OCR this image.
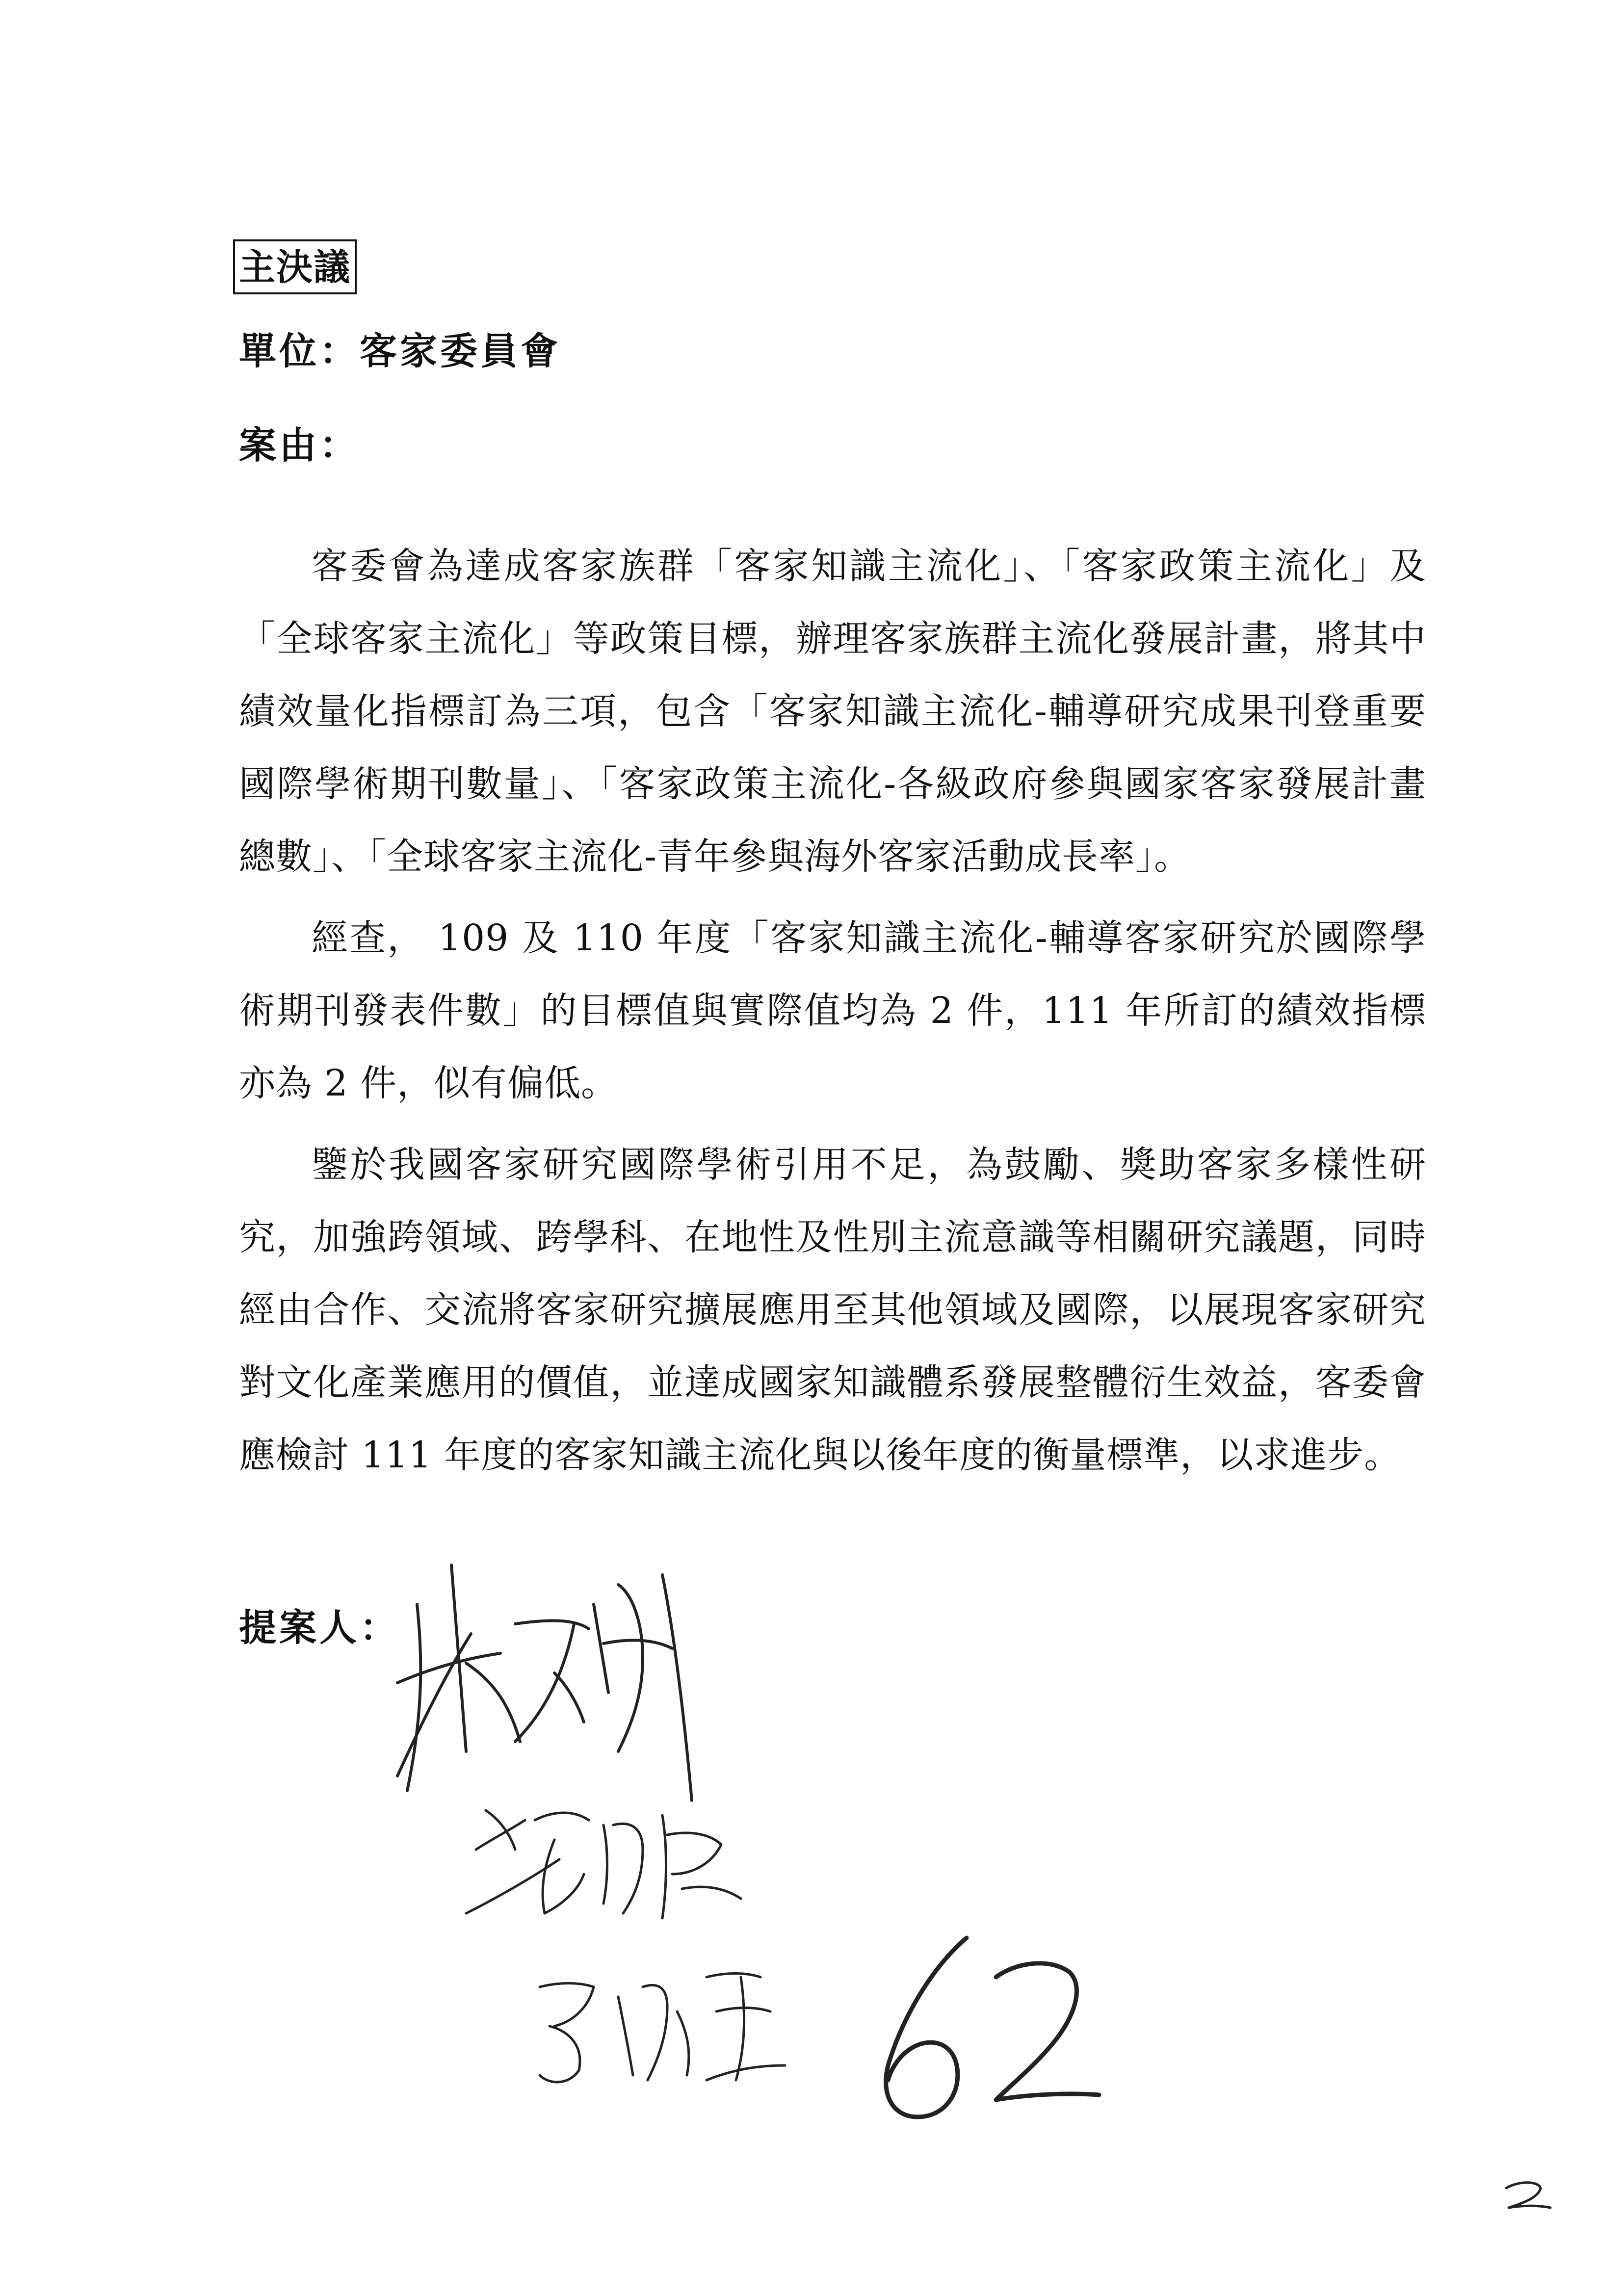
主決議
單位：客家委員會
案由：

客委會為達成客家族群「客家知識主流化」、「客家政策主流化」及「全球客家主流化」等政策目標，辦理客家族群主流化發展計畫，將其中績效量化指標訂為三項，包含「客家知識主流化-輔導研究成果刊登重要國際學術期刊數量」、「客家政策主流化-各級政府參與國家客家發展計畫總數」、「全球客家主流化-青年參與海外客家活動成長率」。

經查， 109 及 110 年度「客家知識主流化-輔導客家研究於國際學術期刊發表件數」的目標值與實際值均為 2 件，111 年所訂的績效指標亦為 2 件，似有偏低。

鑒於我國客家研究國際學術引用不足，為鼓勵、獎助客家多樣性研究，加強跨領域、跨學科、在地性及性別主流意識等相關研究議題，同時經由合作、交流將客家研究擴展應用至其他領域及國際，以展現客家研究對文化產業應用的價值，並達成國家知識體系發展整體衍生效益，客委會應檢討 111 年度的客家知識主流化與以後年度的衡量標準，以求進步。

提案人：
